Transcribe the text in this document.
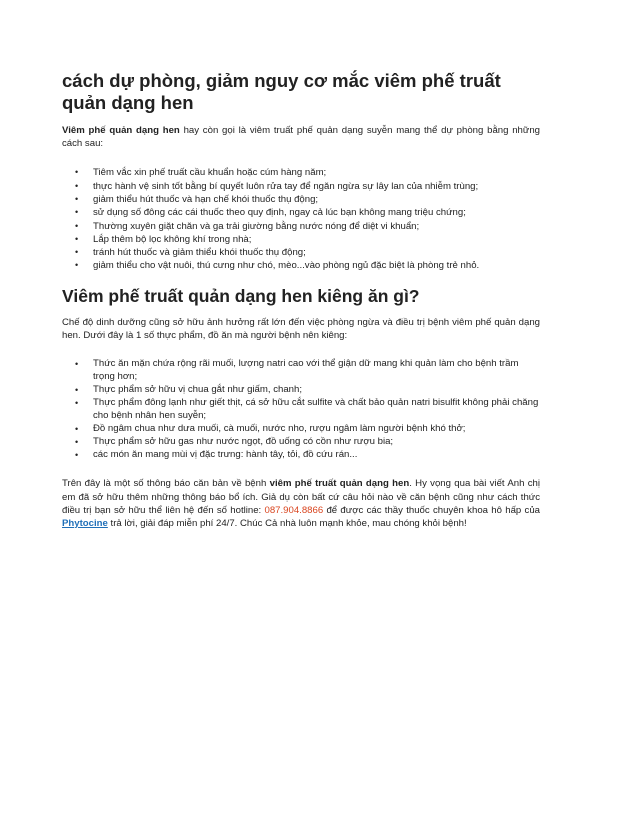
cách dự phòng, giảm nguy cơ mắc viêm phế truất quản dạng hen

Viêm phế quản dạng hen hay còn gọi là viêm truất phế quản dạng suyễn mang thể dự phòng bằng những cách sau:

• Tiêm vắc xin phế truất cầu khuẩn hoặc cúm hàng năm;
• thực hành vệ sinh tốt bằng bí quyết luôn rửa tay để ngăn ngừa sự lây lan của nhiễm trùng;
• giảm thiểu hút thuốc và hạn chế khói thuốc thụ động;
• sử dụng số đông các cái thuốc theo quy định, ngay cả lúc bạn không mang triệu chứng;
• Thường xuyên giặt chăn và ga trải giường bằng nước nóng để diệt vi khuẩn;
• Lắp thêm bộ lọc không khí trong nhà;
• tránh hút thuốc và giảm thiểu khói thuốc thụ động;
• giảm thiểu cho vật nuôi, thú cưng như chó, mèo...vào phòng ngủ đặc biệt là phòng trẻ nhỏ.
Viêm phế truất quản dạng hen kiêng ăn gì?

Chế độ dinh dưỡng cũng sở hữu ảnh hưởng rất lớn đến việc phòng ngừa và điều trị bệnh viêm phế quản dạng hen. Dưới đây là 1 số thực phẩm, đồ ăn mà người bệnh nên kiêng:

• Thức ăn mặn chứa rộng rãi muối, lượng natri cao với thể giận dữ mang khi quản làm cho bệnh trầm trọng hơn;
• Thực phẩm sở hữu vị chua gắt như giấm, chanh;
• Thực phẩm đông lạnh như giết thịt, cá sở hữu cắt sulfite và chất bảo quản natri bisulfit không phải chăng cho bệnh nhân hen suyễn;
• Đồ ngâm chua như dưa muối, cà muối, nước nho, rượu ngâm làm người bệnh khó thở;
• Thực phẩm sở hữu gas như nước ngọt, đồ uống có cồn như rượu bia;
• các món ăn mang mùi vị đặc trưng: hành tây, tỏi, đồ cứu rán...

Trên đây là một số thông báo căn bản về bệnh viêm phế truất quản dạng hen. Hy vọng qua bài viết Anh chị em đã sở hữu thêm những thông báo bổ ích. Giả dụ còn bất cứ câu hỏi nào về căn bệnh cũng như cách thức điều trị bạn sở hữu thể liên hệ đến số hotline: 087.904.8866 để được các thầy thuốc chuyên khoa hô hấp của Phytocine trả lời, giải đáp miễn phí 24/7. Chúc Cả nhà luôn mạnh khỏe, mau chóng khỏi bệnh!
